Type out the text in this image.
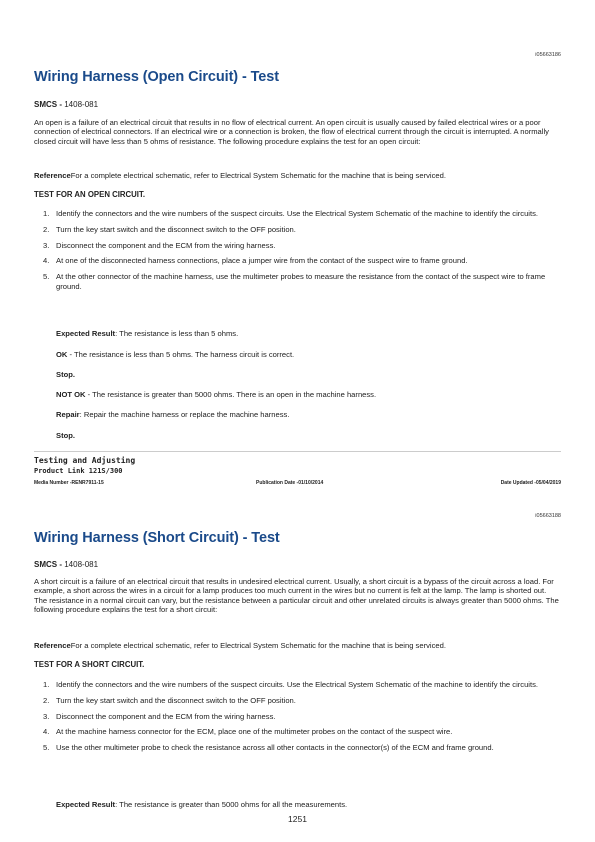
i05663186
Wiring Harness (Open Circuit) - Test
SMCS - 1408-081
An open is a failure of an electrical circuit that results in no flow of electrical current. An open circuit is usually caused by failed electrical wires or a poor connection of electrical connectors. If an electrical wire or a connection is broken, the flow of electrical current through the circuit is interrupted. A normally closed circuit will have less than 5 ohms of resistance. The following procedure explains the test for an open circuit:
ReferenceFor a complete electrical schematic, refer to Electrical System Schematic for the machine that is being serviced.
TEST FOR AN OPEN CIRCUIT.
1. Identify the connectors and the wire numbers of the suspect circuits. Use the Electrical System Schematic of the machine to identify the circuits.
2. Turn the key start switch and the disconnect switch to the OFF position.
3. Disconnect the component and the ECM from the wiring harness.
4. At one of the disconnected harness connections, place a jumper wire from the contact of the suspect wire to frame ground.
5. At the other connector of the machine harness, use the multimeter probes to measure the resistance from the contact of the suspect wire to frame ground.
Expected Result: The resistance is less than 5 ohms.
OK - The resistance is less than 5 ohms. The harness circuit is correct.
Stop.
NOT OK - The resistance is greater than 5000 ohms. There is an open in the machine harness.
Repair: Repair the machine harness or replace the machine harness.
Stop.
Testing and Adjusting
Product Link 121S/300
Media Number -RENR7911-15	Publication Date -01/10/2014	Date Updated -05/04/2019
i05663188
Wiring Harness (Short Circuit) - Test
SMCS - 1408-081
A short circuit is a failure of an electrical circuit that results in undesired electrical current. Usually, a short circuit is a bypass of the circuit across a load. For example, a short across the wires in a circuit for a lamp produces too much current in the wires but no current is felt at the lamp. The lamp is shorted out. The resistance in a normal circuit can vary, but the resistance between a particular circuit and other unrelated circuits is always greater than 5000 ohms. The following procedure explains the test for a short circuit:
ReferenceFor a complete electrical schematic, refer to Electrical System Schematic for the machine that is being serviced.
TEST FOR A SHORT CIRCUIT.
1. Identify the connectors and the wire numbers of the suspect circuits. Use the Electrical System Schematic of the machine to identify the circuits.
2. Turn the key start switch and the disconnect switch to the OFF position.
3. Disconnect the component and the ECM from the wiring harness.
4. At the machine harness connector for the ECM, place one of the multimeter probes on the contact of the suspect wire.
5. Use the other multimeter probe to check the resistance across all other contacts in the connector(s) of the ECM and frame ground.
Expected Result: The resistance is greater than 5000 ohms for all the measurements.
1251
